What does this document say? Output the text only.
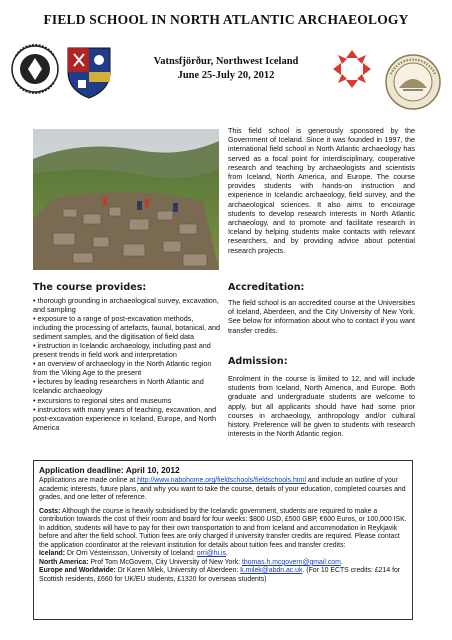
FIELD SCHOOL IN NORTH ATLANTIC ARCHAEOLOGY
Vatnsfjörður, Northwest Iceland
June 25-July 20, 2012
This field school is generously sponsored by the Government of Iceland. Since it was founded in 1997, the international field school in North Atlantic archaeology has served as a focal point for interdisciplinary, cooperative research and teaching by archaeologists and scientists from Iceland, North America, and Europe. The course provides students with hands-on instruction and experience in Icelandic archaeology, field survey, and the archaeological sciences. It also aims to encourage students to develop research interests in North Atlantic archaeology, and to promote and facilitate research in Iceland by helping students make contacts with relevant researchers, and by providing advice about potential research projects.
The course provides:
• thorough grounding in archaeological survey, excavation, and sampling
• exposure to a range of post-excavation methods, including the processing of artefacts, faunal, botanical, and sediment samples, and the digitisation of field data
• instruction in Icelandic archaeology, including past and present trends in field work and interpretation
• an overview of archaeology in the North Atlantic region from the Viking Age to the present
• lectures by leading researchers in North Atlantic and Icelandic archaeology
• excursions to regional sites and museums
• instructors with many years of teaching, excavation, and post-excavation experience in Iceland, Europe, and North America
Accreditation:
The field school is an accredited course at the Universities of Iceland, Aberdeen, and the City University of New York. See below for information about who to contact if you want transfer credits.
Admission:
Enrolment in the course is limited to 12, and will include students from Iceland, North America, and Europe. Both graduate and undergraduate students are welcome to apply, but all applicants should have had some prior courses in archaeology, anthropology and/or cultural history. Preference will be given to students with research interests in the North Atlantic region.
Application deadline: April 10, 2012

Applications are made online at http://www.nabohome.org/fieldschools/fieldschools.html and include an outline of your academic interests, future plans, and why you want to take the course, details of your education, completed courses and grades, and one letter of reference.

Costs: Although the course is heavily subsidised by the Icelandic government, students are required to make a contribution towards the cost of their room and board for four weeks: $800 USD, £500 GBP, €600 Euros, or 100,000 ISK. In addition, students will have to pay for their own transportation to and from Iceland and accommodation in Reykjavik before and after the field school. Tuition fees are only charged if university transfer credits are required. Please contact the application coordinator at the relevant institution for details about tuition fees and transfer credits:

Iceland: Dr Orri Vésteinsson, University of Iceland: orri@hi.is.

North America: Prof Tom McGovern, City University of New York: thomas.h.mcgovern@gmail.com.

Europe and Worldwide: Dr Karen Milek, University of Aberdeen: k.milek@abdn.ac.uk. (For 10 ECTS credits: £214 for Scottish residents, £660 for UK/EU students, £1320 for overseas students)
